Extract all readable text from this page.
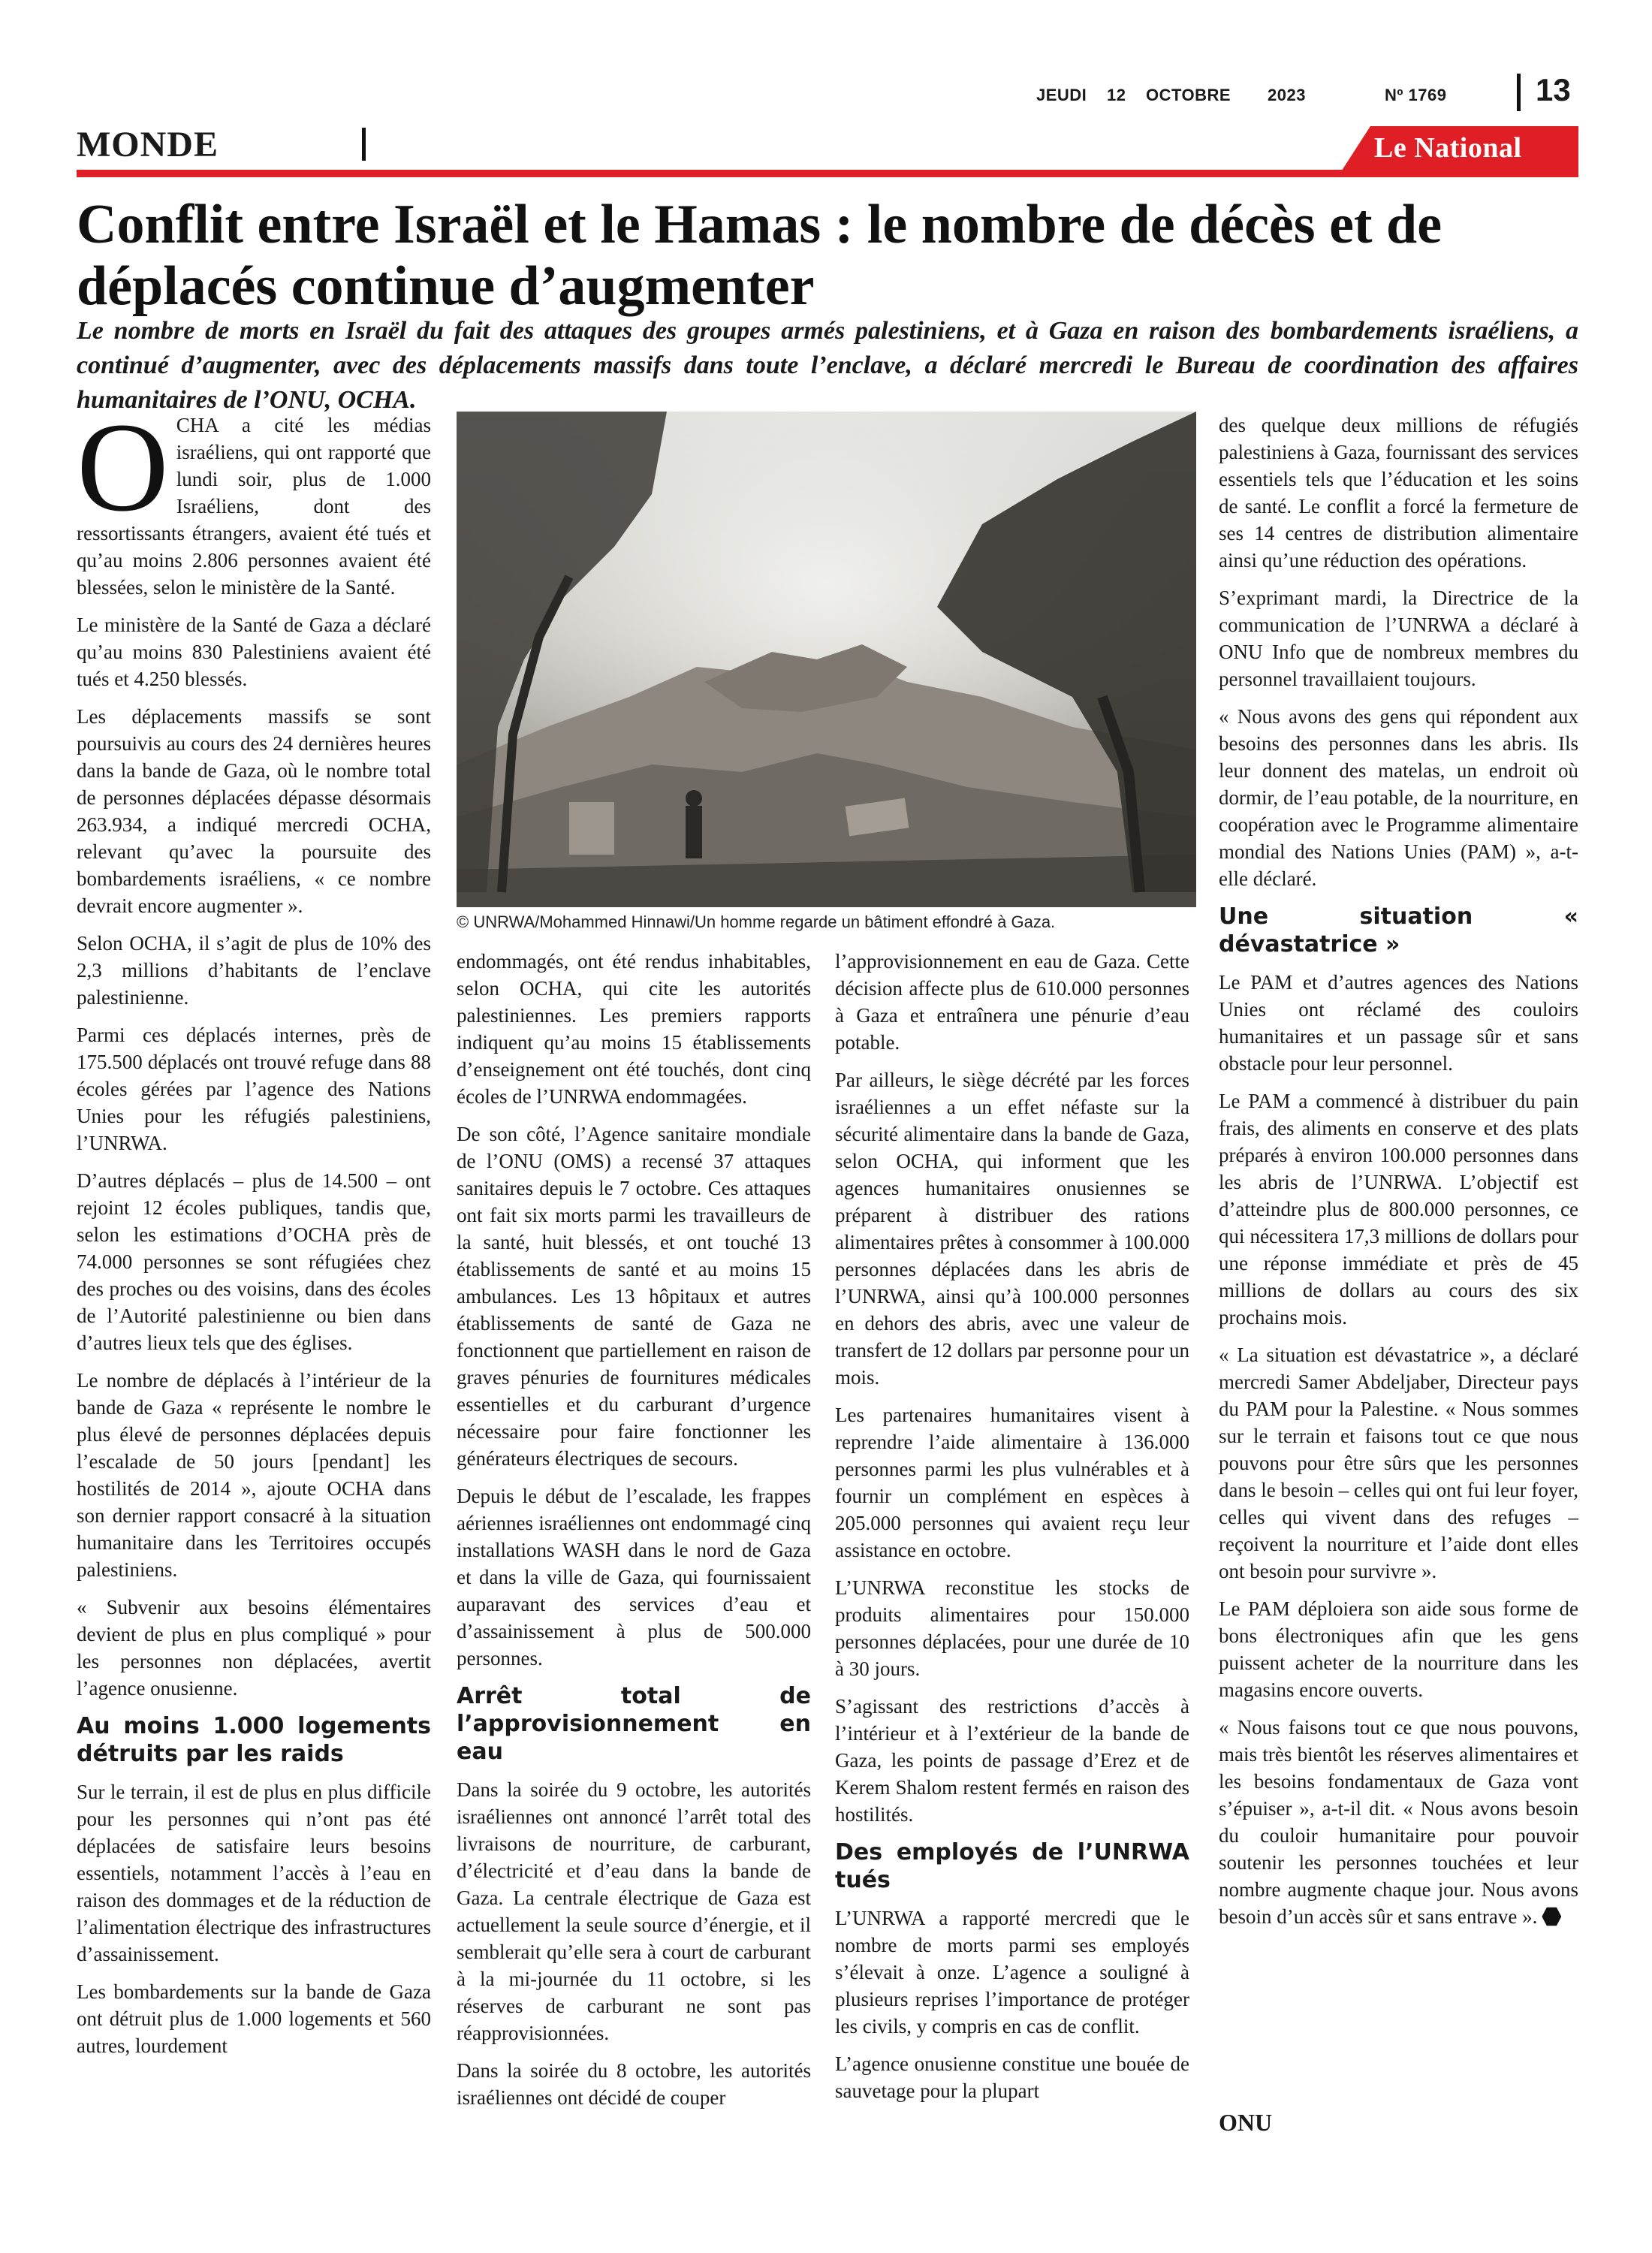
JEUDI 12 OCTOBRE 2023	Nº 1769	13
MONDE	Le National
Conflit entre Israël et le Hamas : le nombre de décès et de
déplacés continue d’augmenter

Le nombre de morts en Israël du fait des attaques des groupes armés palestiniens, et à Gaza en raison des bombardements israéliens, a continué d’augmenter, avec des déplacements massifs dans toute l’enclave, a déclaré mercredi le Bureau de coordination des affaires humanitaires de l’ONU, OCHA.

OCHA a cité les médias israéliens, qui ont rapporté que lundi soir, plus de 1.000 Israéliens, dont des ressortissants étrangers, avaient été tués et qu’au moins 2.806 personnes avaient été blessées, selon le ministère de la Santé.

Le ministère de la Santé de Gaza a déclaré qu’au moins 830 Palestiniens avaient été tués et 4.250 blessés.

Les déplacements massifs se sont poursuivis au cours des 24 dernières heures dans la bande de Gaza, où le nombre total de personnes déplacées dépasse désormais 263.934, a indiqué mercredi OCHA, relevant qu’avec la poursuite des bombardements israéliens, « ce nombre devrait encore augmenter ».

Selon OCHA, il s’agit de plus de 10% des 2,3 millions d’habitants de l’enclave palestinienne.

Parmi ces déplacés internes, près de 175.500 déplacés ont trouvé refuge dans 88 écoles gérées par l’agence des Nations Unies pour les réfugiés palestiniens, l’UNRWA.

D’autres déplacés – plus de 14.500 – ont rejoint 12 écoles publiques, tandis que, selon les estimations d’OCHA près de 74.000 personnes se sont réfugiées chez des proches ou des voisins, dans des écoles de l’Autorité palestinienne ou bien dans d’autres lieux tels que des églises.

Le nombre de déplacés à l’intérieur de la bande de Gaza « représente le nombre le plus élevé de personnes déplacées depuis l’escalade de 50 jours [pendant] les hostilités de 2014 », ajoute OCHA dans son dernier rapport consacré à la situation humanitaire dans les Territoires occupés palestiniens.

« Subvenir aux besoins élémentaires devient de plus en plus compliqué » pour les personnes non déplacées, avertit l’agence onusienne.

Au moins 1.000 logements détruits par les raids

Sur le terrain, il est de plus en plus difficile pour les personnes qui n’ont pas été déplacées de satisfaire leurs besoins essentiels, notamment l’accès à l’eau en raison des dommages et de la réduction de l’alimentation électrique des infrastructures d’assainissement.

Les bombardements sur la bande de Gaza ont détruit plus de 1.000 logements et 560 autres, lourdement

© UNRWA/Mohammed Hinnawi/Un homme regarde un bâtiment effondré à Gaza.

endommagés, ont été rendus inhabitables, selon OCHA, qui cite les autorités palestiniennes. Les premiers rapports indiquent qu’au moins 15 établissements d’enseignement ont été touchés, dont cinq écoles de l’UNRWA endommagées.

De son côté, l’Agence sanitaire mondiale de l’ONU (OMS) a recensé 37 attaques sanitaires depuis le 7 octobre. Ces attaques ont fait six morts parmi les travailleurs de la santé, huit blessés, et ont touché 13 établissements de santé et au moins 15 ambulances. Les 13 hôpitaux et autres établissements de santé de Gaza ne fonctionnent que partiellement en raison de graves pénuries de fournitures médicales essentielles et du carburant d’urgence nécessaire pour faire fonctionner les générateurs électriques de secours.

Depuis le début de l’escalade, les frappes aériennes israéliennes ont endommagé cinq installations WASH dans le nord de Gaza et dans la ville de Gaza, qui fournissaient auparavant des services d’eau et d’assainissement à plus de 500.000 personnes.

Arrêt total de l’approvisionnement en eau

Dans la soirée du 9 octobre, les autorités israéliennes ont annoncé l’arrêt total des livraisons de nourriture, de carburant, d’électricité et d’eau dans la bande de Gaza. La centrale électrique de Gaza est actuellement la seule source d’énergie, et il semblerait qu’elle sera à court de carburant à la mi-journée du 11 octobre, si les réserves de carburant ne sont pas réapprovisionnées.

Dans la soirée du 8 octobre, les autorités israéliennes ont décidé de couper

l’approvisionnement en eau de Gaza. Cette décision affecte plus de 610.000 personnes à Gaza et entraînera une pénurie d’eau potable.

Par ailleurs, le siège décrété par les forces israéliennes a un effet néfaste sur la sécurité alimentaire dans la bande de Gaza, selon OCHA, qui informent que les agences humanitaires onusiennes se préparent à distribuer des rations alimentaires prêtes à consommer à 100.000 personnes déplacées dans les abris de l’UNRWA, ainsi qu’à 100.000 personnes en dehors des abris, avec une valeur de transfert de 12 dollars par personne pour un mois.

Les partenaires humanitaires visent à reprendre l’aide alimentaire à 136.000 personnes parmi les plus vulnérables et à fournir un complément en espèces à 205.000 personnes qui avaient reçu leur assistance en octobre.

L’UNRWA reconstitue les stocks de produits alimentaires pour 150.000 personnes déplacées, pour une durée de 10 à 30 jours.

S’agissant des restrictions d’accès à l’intérieur et à l’extérieur de la bande de Gaza, les points de passage d’Erez et de Kerem Shalom restent fermés en raison des hostilités.

Des employés de l’UNRWA tués

L’UNRWA a rapporté mercredi que le nombre de morts parmi ses employés s’élevait à onze. L’agence a souligné à plusieurs reprises l’importance de protéger les civils, y compris en cas de conflit.

L’agence onusienne constitue une bouée de sauvetage pour la plupart

des quelque deux millions de réfugiés palestiniens à Gaza, fournissant des services essentiels tels que l’éducation et les soins de santé. Le conflit a forcé la fermeture de ses 14 centres de distribution alimentaire ainsi qu’une réduction des opérations.

S’exprimant mardi, la Directrice de la communication de l’UNRWA a déclaré à ONU Info que de nombreux membres du personnel travaillaient toujours.

« Nous avons des gens qui répondent aux besoins des personnes dans les abris. Ils leur donnent des matelas, un endroit où dormir, de l’eau potable, de la nourriture, en coopération avec le Programme alimentaire mondial des Nations Unies (PAM) », a-t-elle déclaré.

Une situation « dévastatrice »

Le PAM et d’autres agences des Nations Unies ont réclamé des couloirs humanitaires et un passage sûr et sans obstacle pour leur personnel.

Le PAM a commencé à distribuer du pain frais, des aliments en conserve et des plats préparés à environ 100.000 personnes dans les abris de l’UNRWA. L’objectif est d’atteindre plus de 800.000 personnes, ce qui nécessitera 17,3 millions de dollars pour une réponse immédiate et près de 45 millions de dollars au cours des six prochains mois.

« La situation est dévastatrice », a déclaré mercredi Samer Abdeljaber, Directeur pays du PAM pour la Palestine. « Nous sommes sur le terrain et faisons tout ce que nous pouvons pour être sûrs que les personnes dans le besoin – celles qui ont fui leur foyer, celles qui vivent dans des refuges – reçoivent la nourriture et l’aide dont elles ont besoin pour survivre ».

Le PAM déploiera son aide sous forme de bons électroniques afin que les gens puissent acheter de la nourriture dans les magasins encore ouverts.

« Nous faisons tout ce que nous pouvons, mais très bientôt les réserves alimentaires et les besoins fondamentaux de Gaza vont s’épuiser », a-t-il dit. « Nous avons besoin du couloir humanitaire pour pouvoir soutenir les personnes touchées et leur nombre augmente chaque jour. Nous avons besoin d’un accès sûr et sans entrave ».

ONU
